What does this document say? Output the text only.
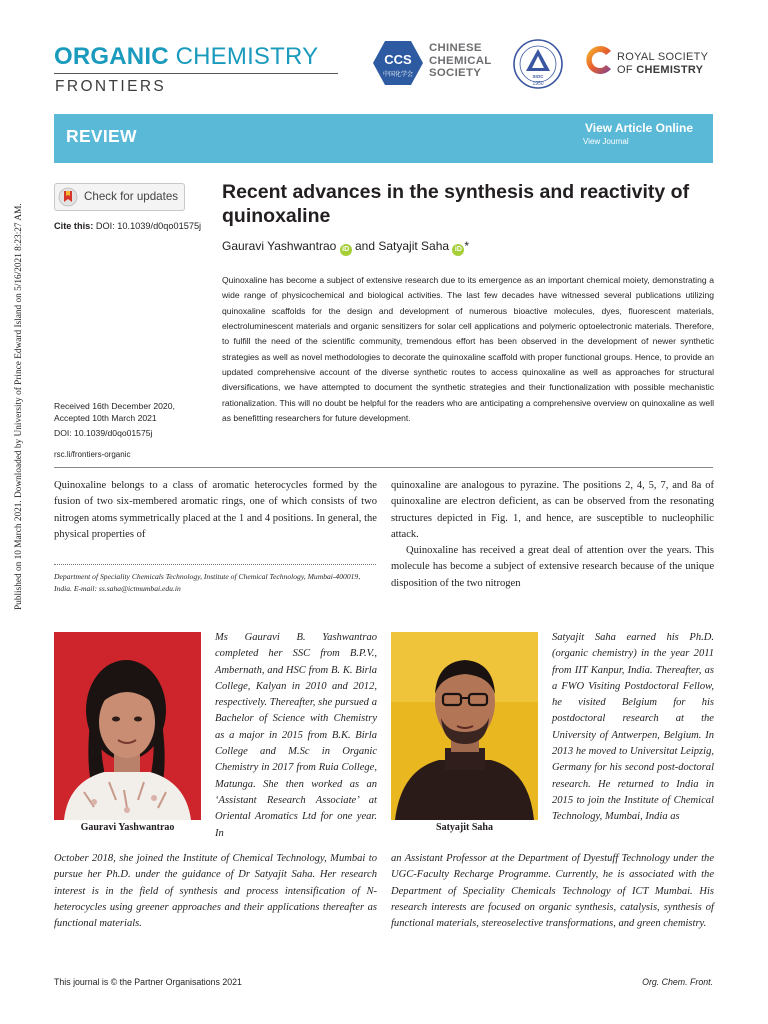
Published on 10 March 2021. Downloaded by University of Prince Edward Island on 5/16/2021 8:23:27 AM.
ORGANIC CHEMISTRY
FRONTIERS
CCS
中国化学会
CHINESE
CHEMICAL
SOCIETY	SIOC
1950
ROYAL SOCIETY
OF CHEMISTRY
REVIEW	View Article Online
View Journal
Check for updates
Cite this: DOI: 10.1039/d0qo01575j
Recent advances in the synthesis and reactivity of quinoxaline
Gauravi Yashwantrao iD and Satyajit Saha iD *
Quinoxaline has become a subject of extensive research due to its emergence as an important chemical moiety, demonstrating a wide range of physicochemical and biological activities. The last few decades have witnessed several publications utilizing quinoxaline scaffolds for the design and development of numerous bioactive molecules, dyes, fluorescent materials, electroluminescent materials and organic sensitizers for solar cell applications and polymeric optoelectronic materials. Therefore, to fulfill the need of the scientific community, tremendous effort has been observed in the development of newer synthetic strategies as well as novel methodologies to decorate the quinoxaline scaffold with proper functional groups. Hence, to provide an updated comprehensive account of the diverse synthetic routes to access quinoxaline as well as approaches for structural diversifications, we have attempted to document the synthetic strategies and their functionalization with possible mechanistic rationalization. This will no doubt be helpful for the readers who are anticipating a comprehensive overview on quinoxaline as well as benefitting researchers for future development.
Received 16th December 2020,
Accepted 10th March 2021
DOI: 10.1039/d0qo01575j
rsc.li/frontiers-organic
Quinoxaline belongs to a class of aromatic heterocycles formed by the fusion of two six-membered aromatic rings, one of which consists of two nitrogen atoms symmetrically placed at the 1 and 4 positions. In general, the physical properties of

quinoxaline are analogous to pyrazine. The positions 2, 4, 5, 7, and 8a of quinoxaline are electron deficient, as can be observed from the resonating structures depicted in Fig. 1, and hence, are susceptible to nucleophilic attack.

Quinoxaline has received a great deal of attention over the years. This molecule has become a subject of extensive research because of the unique disposition of the two nitrogen

Department of Speciality Chemicals Technology, Institute of Chemical Technology, Mumbai-400019, India. E-mail: ss.saha@ictmumbai.edu.in
Gauravi Yashwantrao
Ms Gauravi B. Yashwantrao completed her SSC from B.P.V., Ambernath, and HSC from B. K. Birla College, Kalyan in 2010 and 2012, respectively. Thereafter, she pursued a Bachelor of Science with Chemistry as a major in 2015 from B.K. Birla College and M.Sc in Organic Chemistry in 2017 from Ruia College, Matunga. She then worked as an ‘Assistant Research Associate’ at Oriental Aromatics Ltd for one year. In
October 2018, she joined the Institute of Chemical Technology, Mumbai to pursue her Ph.D. under the guidance of Dr Satyajit Saha. Her research interest is in the field of synthesis and process intensification of N-heterocycles using greener approaches and their applications thereafter as functional materials.
Satyajit Saha
Satyajit Saha earned his Ph.D. (organic chemistry) in the year 2011 from IIT Kanpur, India. Thereafter, as a FWO Visiting Postdoctoral Fellow, he visited Belgium for his postdoctoral research at the University of Antwerpen, Belgium. In 2013 he moved to Universitat Leipzig, Germany for his second post-doctoral research. He returned to India in 2015 to join the Institute of Chemical Technology, Mumbai, India as
an Assistant Professor at the Department of Dyestuff Technology under the UGC-Faculty Recharge Programme. Currently, he is associated with the Department of Speciality Chemicals Technology of ICT Mumbai. His research interests are focused on organic synthesis, catalysis, synthesis of functional materials, stereoselective transformations, and green chemistry.
This journal is © the Partner Organisations 2021	Org. Chem. Front.
